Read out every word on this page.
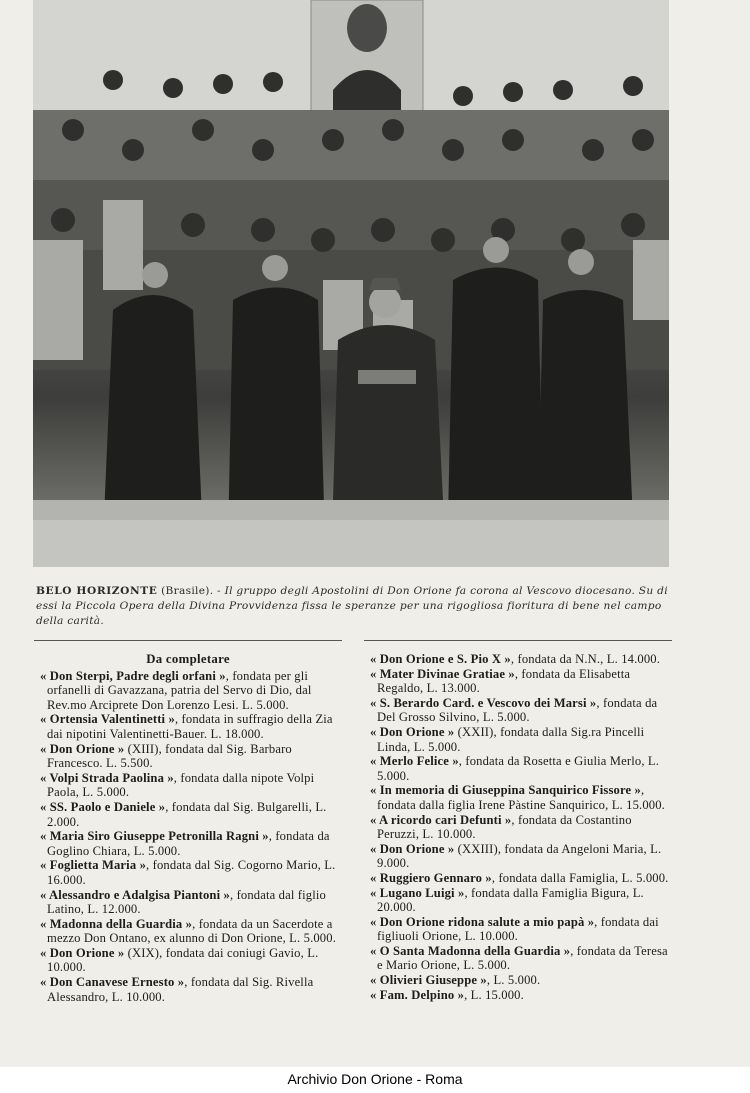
BELO HORIZONTE (Brasile). - Il gruppo degli Apostolini di Don Orione fa corona al Vescovo diocesano. Su di essi la Piccola Opera della Divina Provvidenza fissa le speranze per una rigogliosa fioritura di bene nel campo della carità.
Da completare
« Don Sterpi, Padre degli orfani », fondata per gli orfanelli di Gavazzana, patria del Servo di Dio, dal Rev.mo Arciprete Don Lorenzo Lesi. L. 5.000.
« Ortensia Valentinetti », fondata in suffragio della Zia dai nipotini Valentinetti-Bauer. L. 18.000.
« Don Orione » (XIII), fondata dal Sig. Barbaro Francesco. L. 5.500.
« Volpi Strada Paolina », fondata dalla nipote Volpi Paola, L. 5.000.
« SS. Paolo e Daniele », fondata dal Sig. Bulgarelli, L. 2.000.
« Maria Siro Giuseppe Petronilla Ragni », fondata da Goglino Chiara, L. 5.000.
« Foglietta Maria », fondata dal Sig. Cogorno Mario, L. 16.000.
« Alessandro e Adalgisa Piantoni », fondata dal figlio Latino, L. 12.000.
« Madonna della Guardia », fondata da un Sacerdote a mezzo Don Ontano, ex alunno di Don Orione, L. 5.000.
« Don Orione » (XIX), fondata dai coniugi Gavio, L. 10.000.
« Don Canavese Ernesto », fondata dal Sig. Rivella Alessandro, L. 10.000.
« Don Orione e S. Pio X », fondata da N.N., L. 14.000.
« Mater Divinae Gratiae », fondata da Elisabetta Regaldo, L. 13.000.
« S. Berardo Card. e Vescovo dei Marsi », fondata da Del Grosso Silvino, L. 5.000.
« Don Orione » (XXII), fondata dalla Sig.ra Pincelli Linda, L. 5.000.
« Merlo Felice », fondata da Rosetta e Giulia Merlo, L. 5.000.
« In memoria di Giuseppina Sanquirico Fissore », fondata dalla figlia Irene Pàstine Sanquirico, L. 15.000.
« A ricordo cari Defunti », fondata da Costantino Peruzzi, L. 10.000.
« Don Orione » (XXIII), fondata da Angeloni Maria, L. 9.000.
« Ruggiero Gennaro », fondata dalla Famiglia, L. 5.000.
« Lugano Luigi », fondata dalla Famiglia Bigura, L. 20.000.
« Don Orione ridona salute a mio papà », fondata dai figliuoli Orione, L. 10.000.
« O Santa Madonna della Guardia », fondata da Teresa e Mario Orione, L. 5.000.
« Olivieri Giuseppe », L. 5.000.
« Fam. Delpino », L. 15.000.
Archivio Don Orione - Roma
